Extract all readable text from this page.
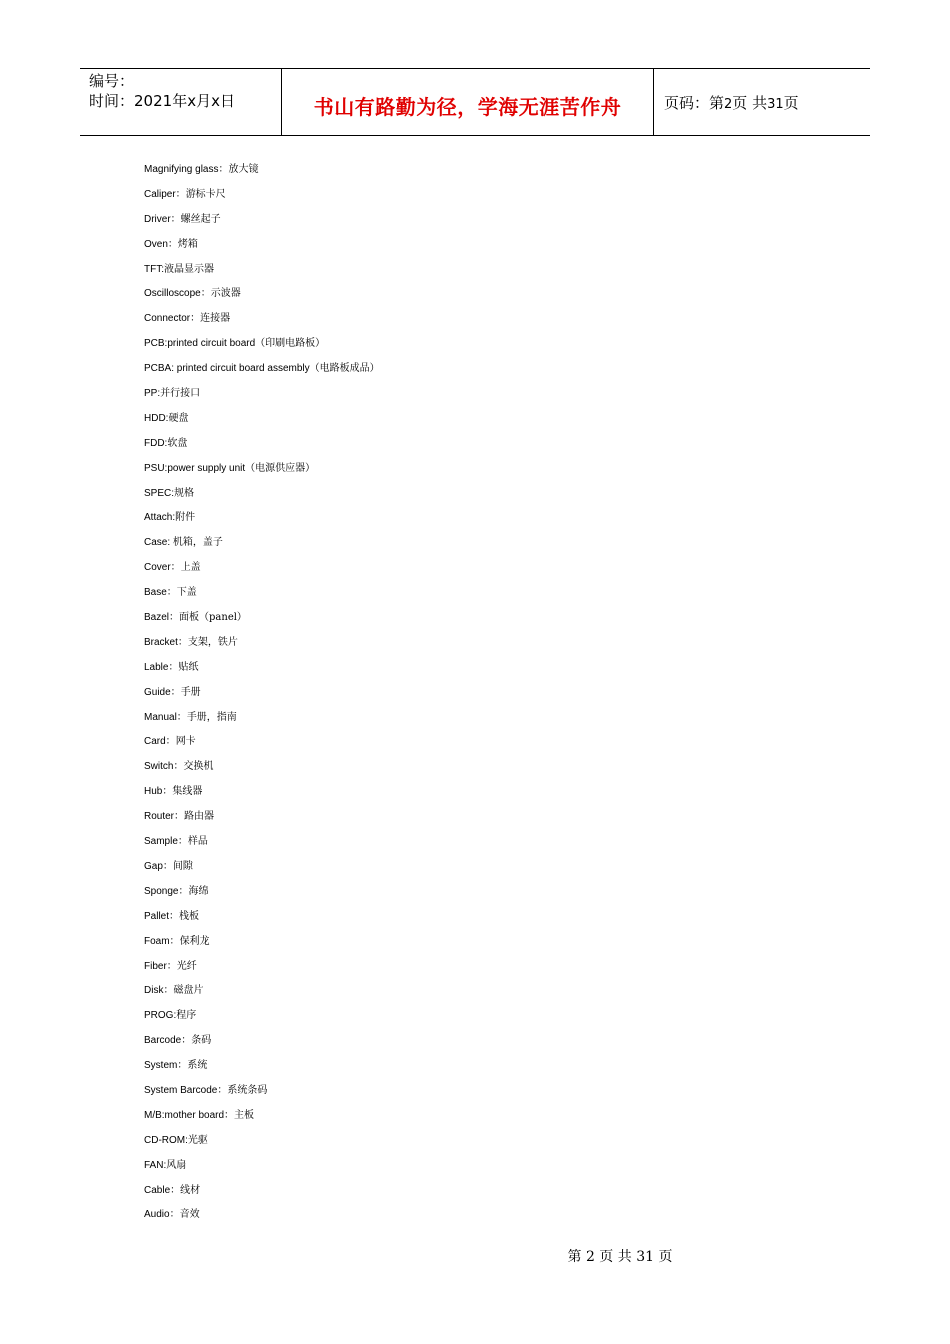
编号：
时间：2021年x月x日	书山有路勤为径，学海无涯苦作舟	页码：第2页 共31页
Magnifying glass：放大镜
Caliper：游标卡尺
Driver：螺丝起子
Oven：烤箱
TFT:液晶显示器
Oscilloscope：示波器
Connector：连接器
PCB:printed circuit board（印刷电路板）
PCBA: printed circuit board assembly（电路板成品）
PP:并行接口
HDD:硬盘
FDD:软盘
PSU:power supply unit（电源供应器）
SPEC:规格
Attach:附件
Case: 机箱，盖子
Cover：上盖
Base：下盖
Bazel：面板（panel）
Bracket：支架，铁片
Lable：贴纸
Guide：手册
Manual：手册，指南
Card：网卡
Switch：交换机
Hub：集线器
Router：路由器
Sample：样品
Gap：间隙
Sponge：海绵
Pallet：栈板
Foam：保利龙
Fiber：光纤
Disk：磁盘片
PROG:程序
Barcode：条码
System：系统
System Barcode：系统条码
M/B:mother board：主板
CD-ROM:光驱
FAN:风扇
Cable：线材
Audio：音效
第 2 页 共 31 页
